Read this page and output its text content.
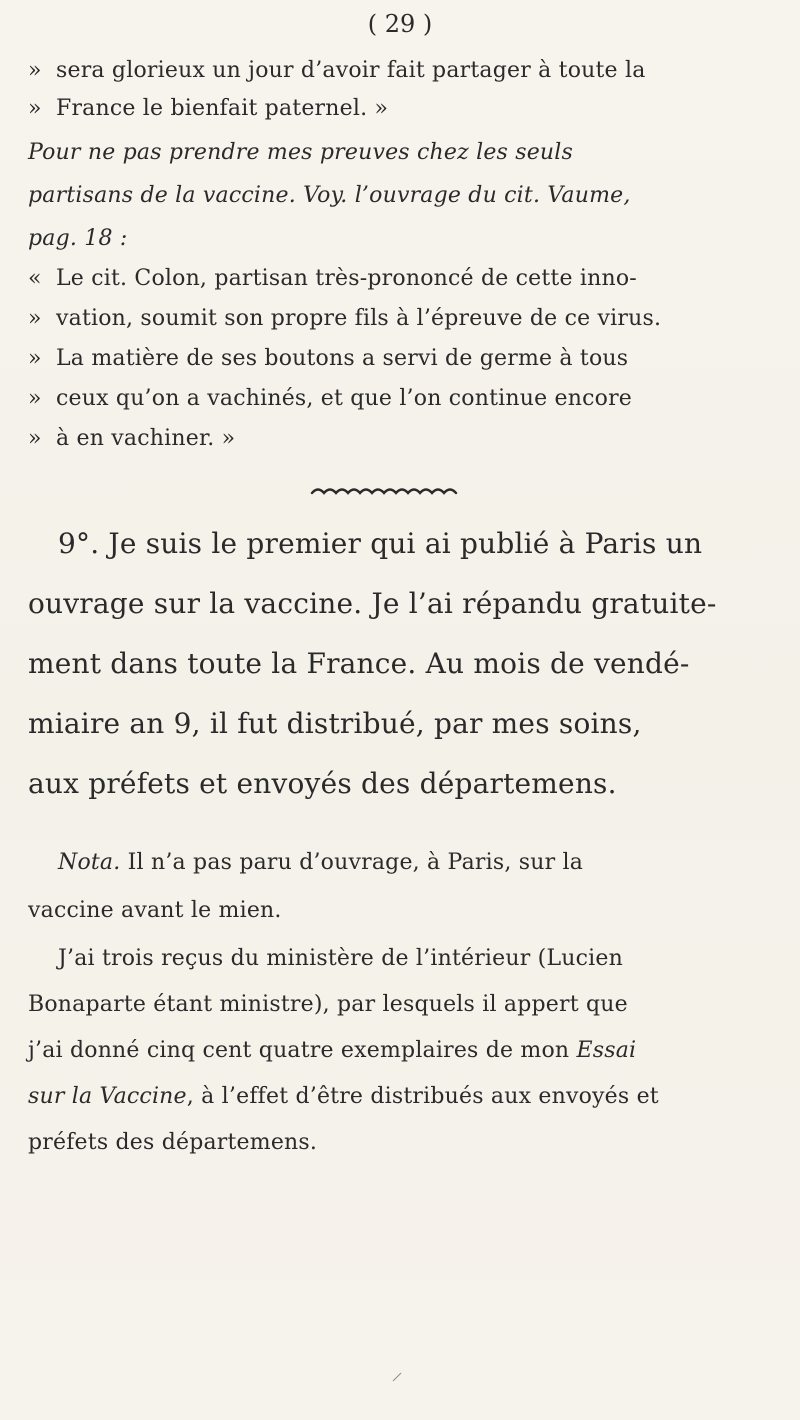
( 29 )
» sera glorieux un jour d’avoir fait partager à toute la
» France le bienfait paternel. »
Pour ne pas prendre mes preuves chez les seuls
partisans de la vaccine. Voy. l’ouvrage du cit. Vaume,
pag. 18 :
« Le cit. Colon, partisan très-prononcé de cette inno-
» vation, soumit son propre fils à l’épreuve de ce virus.
» La matière de ses boutons a servi de germe à tous
» ceux qu’on a vachinés, et que l’on continue encore
» à en vachiner. »
9°. Je suis le premier qui ai publié à Paris un
ouvrage sur la vaccine. Je l’ai répandu gratuite-
ment dans toute la France. Au mois de vendé-
miaire an 9, il fut distribué, par mes soins,
aux préfets et envoyés des départemens.
Nota. Il n’a pas paru d’ouvrage, à Paris, sur la
vaccine avant le mien.
J’ai trois reçus du ministère de l’intérieur (Lucien
Bonaparte étant ministre), par lesquels il appert que
j’ai donné cinq cent quatre exemplaires de mon Essai
sur la Vaccine, à l’effet d’être distribués aux envoyés et
préfets des départemens.
